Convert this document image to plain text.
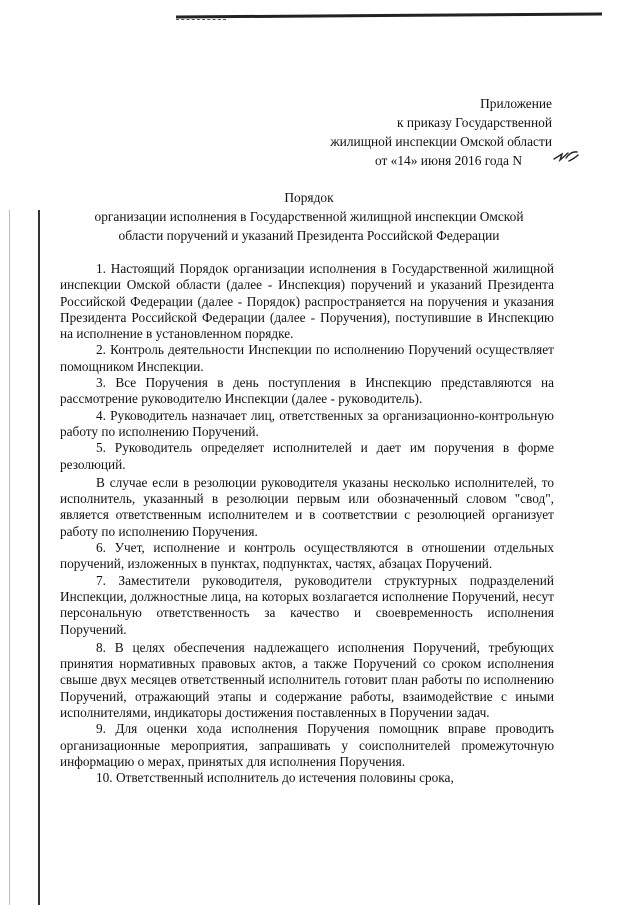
Приложение
к приказу Государственной
жилищной инспекции Омской области
от «14» июня 2016 года N
Порядок
организации исполнения в Государственной жилищной инспекции Омской
области поручений и указаний Президента Российской Федерации

1. Настоящий Порядок организации исполнения в Государственной жилищной инспекции Омской области (далее - Инспекция) поручений и указаний Президента Российской Федерации (далее - Порядок) распространяется на поручения и указания Президента Российской Федерации (далее - Поручения), поступившие в Инспекцию на исполнение в установленном порядке.

2. Контроль деятельности Инспекции по исполнению Поручений осуществляет помощником Инспекции.

3. Все Поручения в день поступления в Инспекцию представляются на рассмотрение руководителю Инспекции (далее - руководитель).

4. Руководитель назначает лиц, ответственных за организационно-контрольную работу по исполнению Поручений.

5. Руководитель определяет исполнителей и дает им поручения в форме резолюций.

В случае если в резолюции руководителя указаны несколько исполнителей, то исполнитель, указанный в резолюции первым или обозначенный словом "свод", является ответственным исполнителем и в соответствии с резолюцией организует работу по исполнению Поручения.

6. Учет, исполнение и контроль осуществляются в отношении отдельных поручений, изложенных в пунктах, подпунктах, частях, абзацах Поручений.

7. Заместители руководителя, руководители структурных подразделений Инспекции, должностные лица, на которых возлагается исполнение Поручений, несут персональную ответственность за качество и своевременность исполнения Поручений.

8. В целях обеспечения надлежащего исполнения Поручений, требующих принятия нормативных правовых актов, а также Поручений со сроком исполнения свыше двух месяцев ответственный исполнитель готовит план работы по исполнению Поручений, отражающий этапы и содержание работы, взаимодействие с иными исполнителями, индикаторы достижения поставленных в Поручении задач.

9. Для оценки хода исполнения Поручения помощник вправе проводить организационные мероприятия, запрашивать у соисполнителей промежуточную информацию о мерах, принятых для исполнения Поручения.

10. Ответственный исполнитель до истечения половины срока,
